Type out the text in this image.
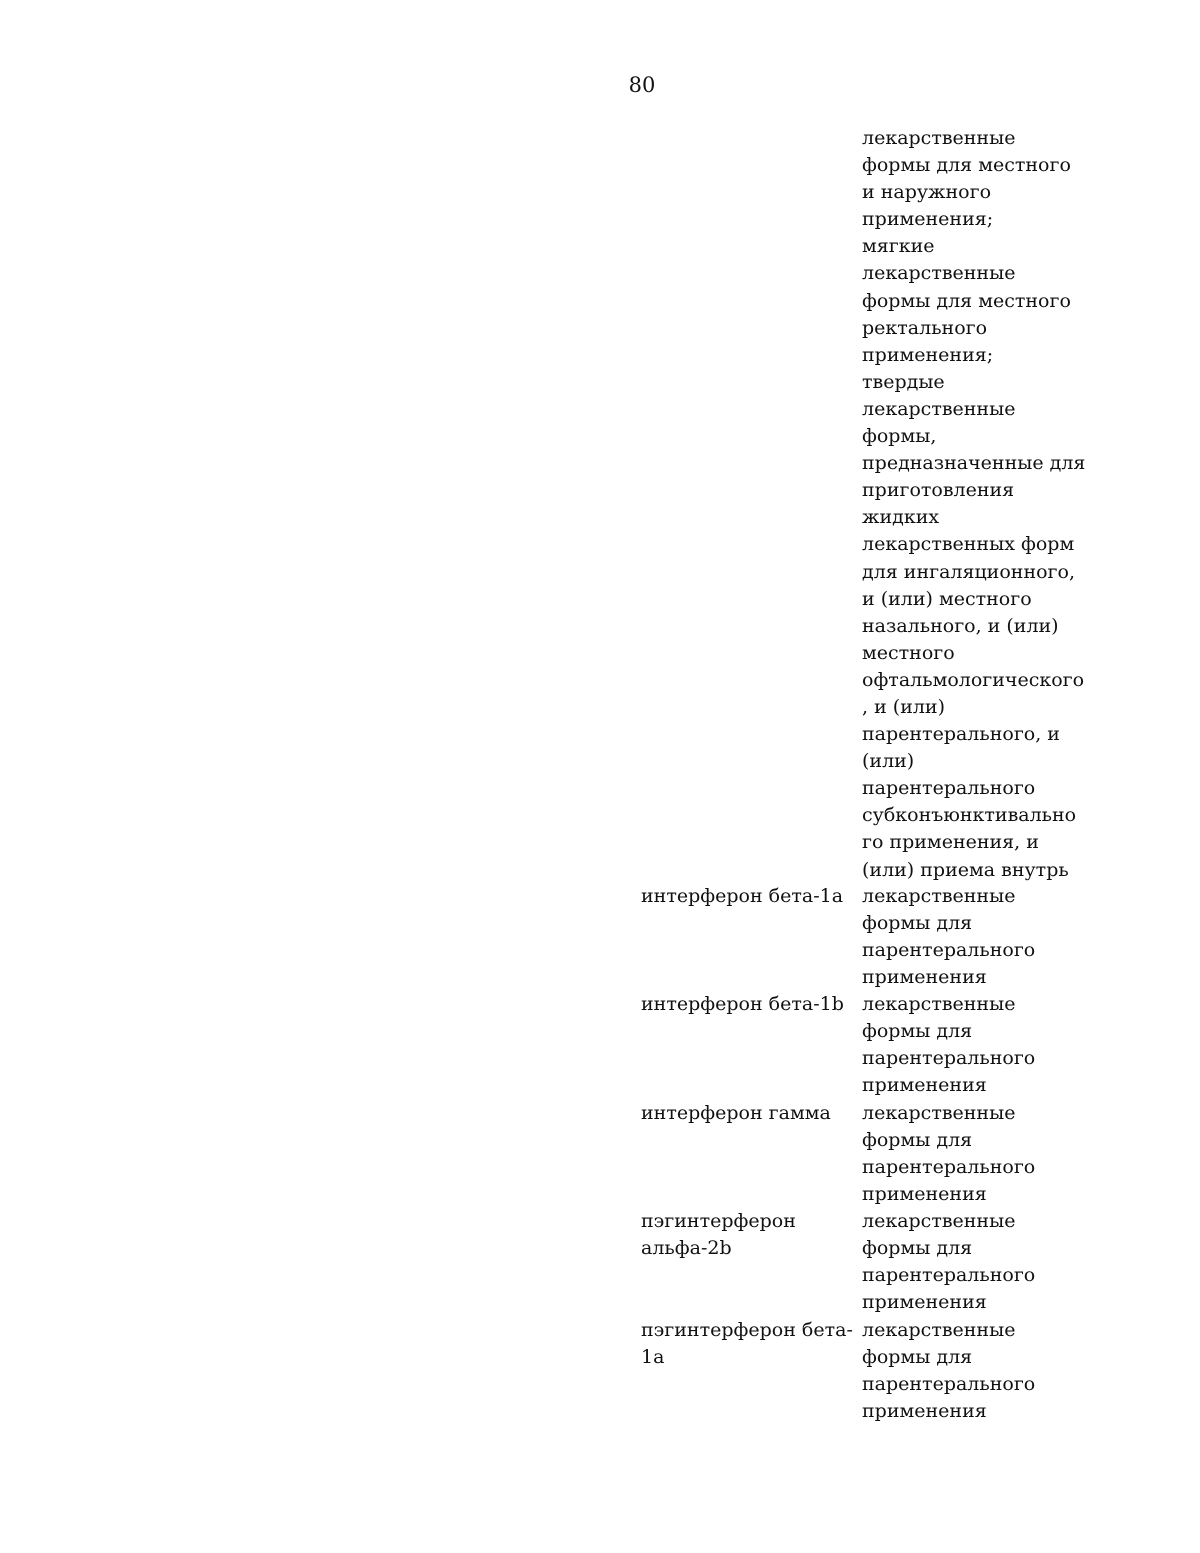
80
лекарственные
формы для местного
и наружного
применения;
мягкие
лекарственные
формы для местного
ректального
применения;
твердые
лекарственные
формы,
предназначенные для
приготовления
жидких
лекарственных форм
для ингаляционного,
и (или) местного
назального, и (или)
местного
офтальмологического
, и (или)
парентерального, и
(или)
парентерального
субконъюнктивально
го применения, и
(или) приема внутрь
интерферон бета-1a лекарственные
формы для
парентерального
применения
интерферон бета-1b лекарственные
формы для
парентерального
применения
интерферон гамма	лекарственные
формы для
парентерального
применения
пэгинтерферон
альфа-2b
лекарственные
формы для
парентерального
применения
пэгинтерферон бета-
1a
лекарственные
формы для
парентерального
применения
